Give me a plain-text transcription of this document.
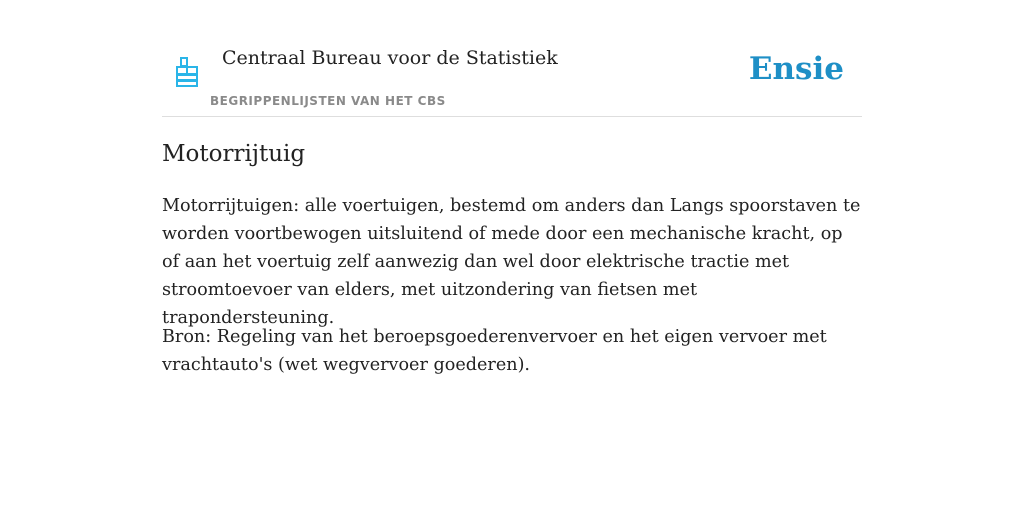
Centraal Bureau voor de Statistiek
BEGRIPPENLIJSTEN VAN HET CBS
Ensie
Motorrijtuig

Motorrijtuigen: alle voertuigen, bestemd om anders dan Langs spoorstaven te worden voortbewogen uitsluitend of mede door een mechanische kracht, op of aan het voertuig zelf aanwezig dan wel door elektrische tractie met stroomtoevoer van elders, met uitzondering van fietsen met trapondersteuning.

Bron: Regeling van het beroepsgoederenvervoer en het eigen vervoer met vrachtauto's (wet wegvervoer goederen).
